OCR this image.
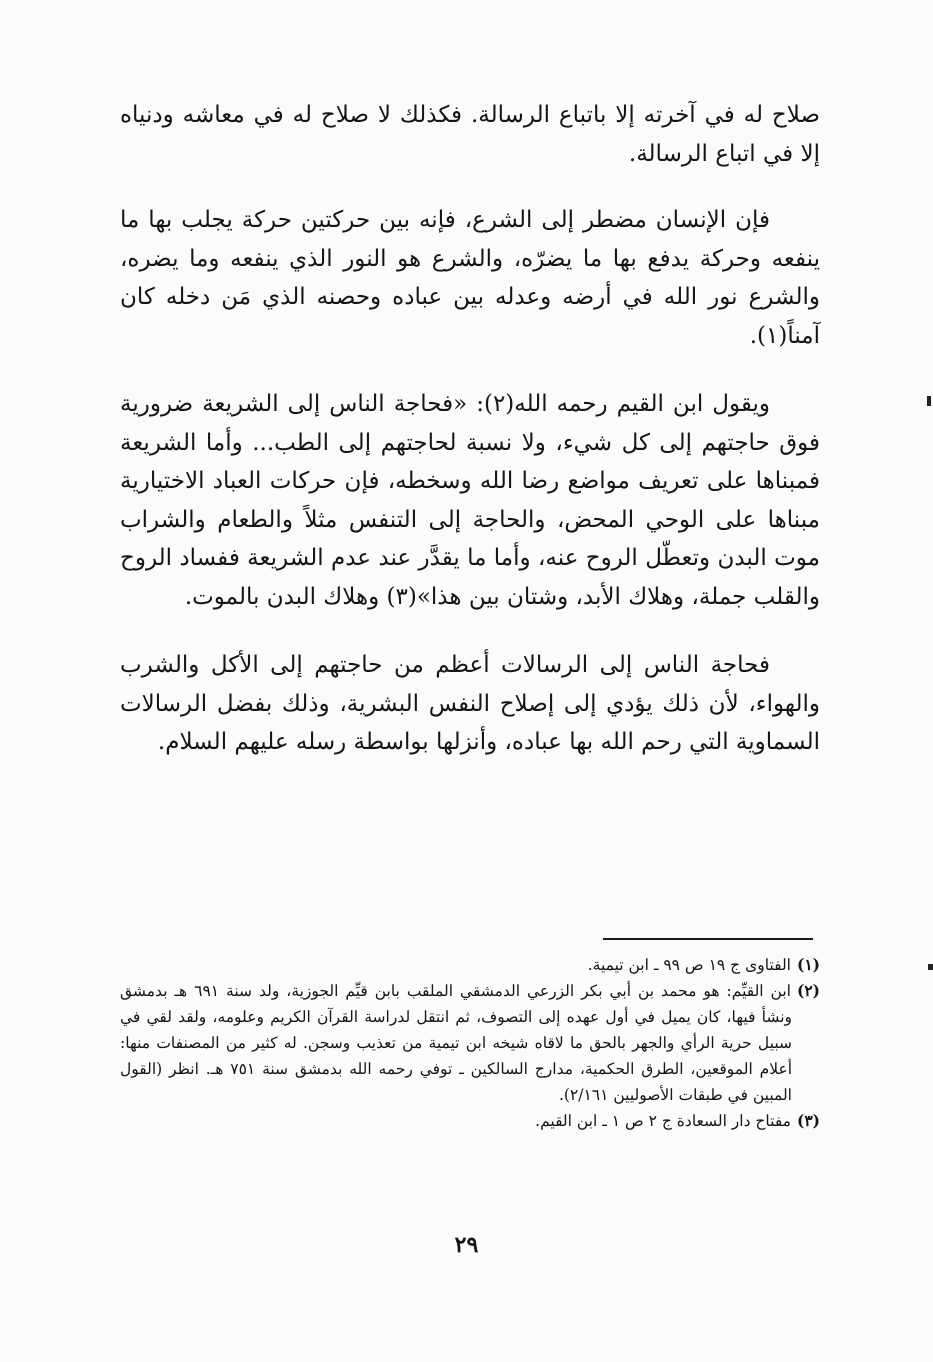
صلاح له في آخرته إلا باتباع الرسالة. فكذلك لا صلاح له في معاشه ودنياه إلا في اتباع الرسالة.

فإن الإنسان مضطر إلى الشرع، فإنه بين حركتين حركة يجلب بها ما ينفعه وحركة يدفع بها ما يضرّه، والشرع هو النور الذي ينفعه وما يضره، والشرع نور الله في أرضه وعدله بين عباده وحصنه الذي مَن دخله كان آمناً(١).

ويقول ابن القيم رحمه الله(٢): «فحاجة الناس إلى الشريعة ضرورية فوق حاجتهم إلى كل شيء، ولا نسبة لحاجتهم إلى الطب... وأما الشريعة فمبناها على تعريف مواضع رضا الله وسخطه، فإن حركات العباد الاختيارية مبناها على الوحي المحض، والحاجة إلى التنفس مثلاً والطعام والشراب موت البدن وتعطّل الروح عنه، وأما ما يقدَّر عند عدم الشريعة ففساد الروح والقلب جملة، وهلاك الأبد، وشتان بين هذا»(٣) وهلاك البدن بالموت.

فحاجة الناس إلى الرسالات أعظم من حاجتهم إلى الأكل والشرب والهواء، لأن ذلك يؤدي إلى إصلاح النفس البشرية، وذلك بفضل الرسالات السماوية التي رحم الله بها عباده، وأنزلها بواسطة رسله عليهم السلام.

(١)الفتاوى ج ١٩ ص ٩٩ ـ ابن تيمية.

(٢)ابن القيِّم: هو محمد بن أبي بكر الزرعي الدمشقي الملقب بابن قيِّم الجوزية، ولد سنة ٦٩١ هـ بدمشق ونشأ فيها، كان يميل في أول عهده إلى التصوف، ثم انتقل لدراسة القرآن الكريم وعلومه، ولقد لقي في سبيل حرية الرأي والجهر بالحق ما لاقاه شيخه ابن تيمية من تعذيب وسجن. له كثير من المصنفات منها: أعلام الموقعين، الطرق الحكمية، مدارج السالكين ـ توفي رحمه الله بدمشق سنة ٧٥١ هـ. انظر (القول المبين في طبقات الأصوليين ٢/١٦١).

(٣)مفتاح دار السعادة ج ٢ ص ١ ـ ابن القيم.

٢٩
